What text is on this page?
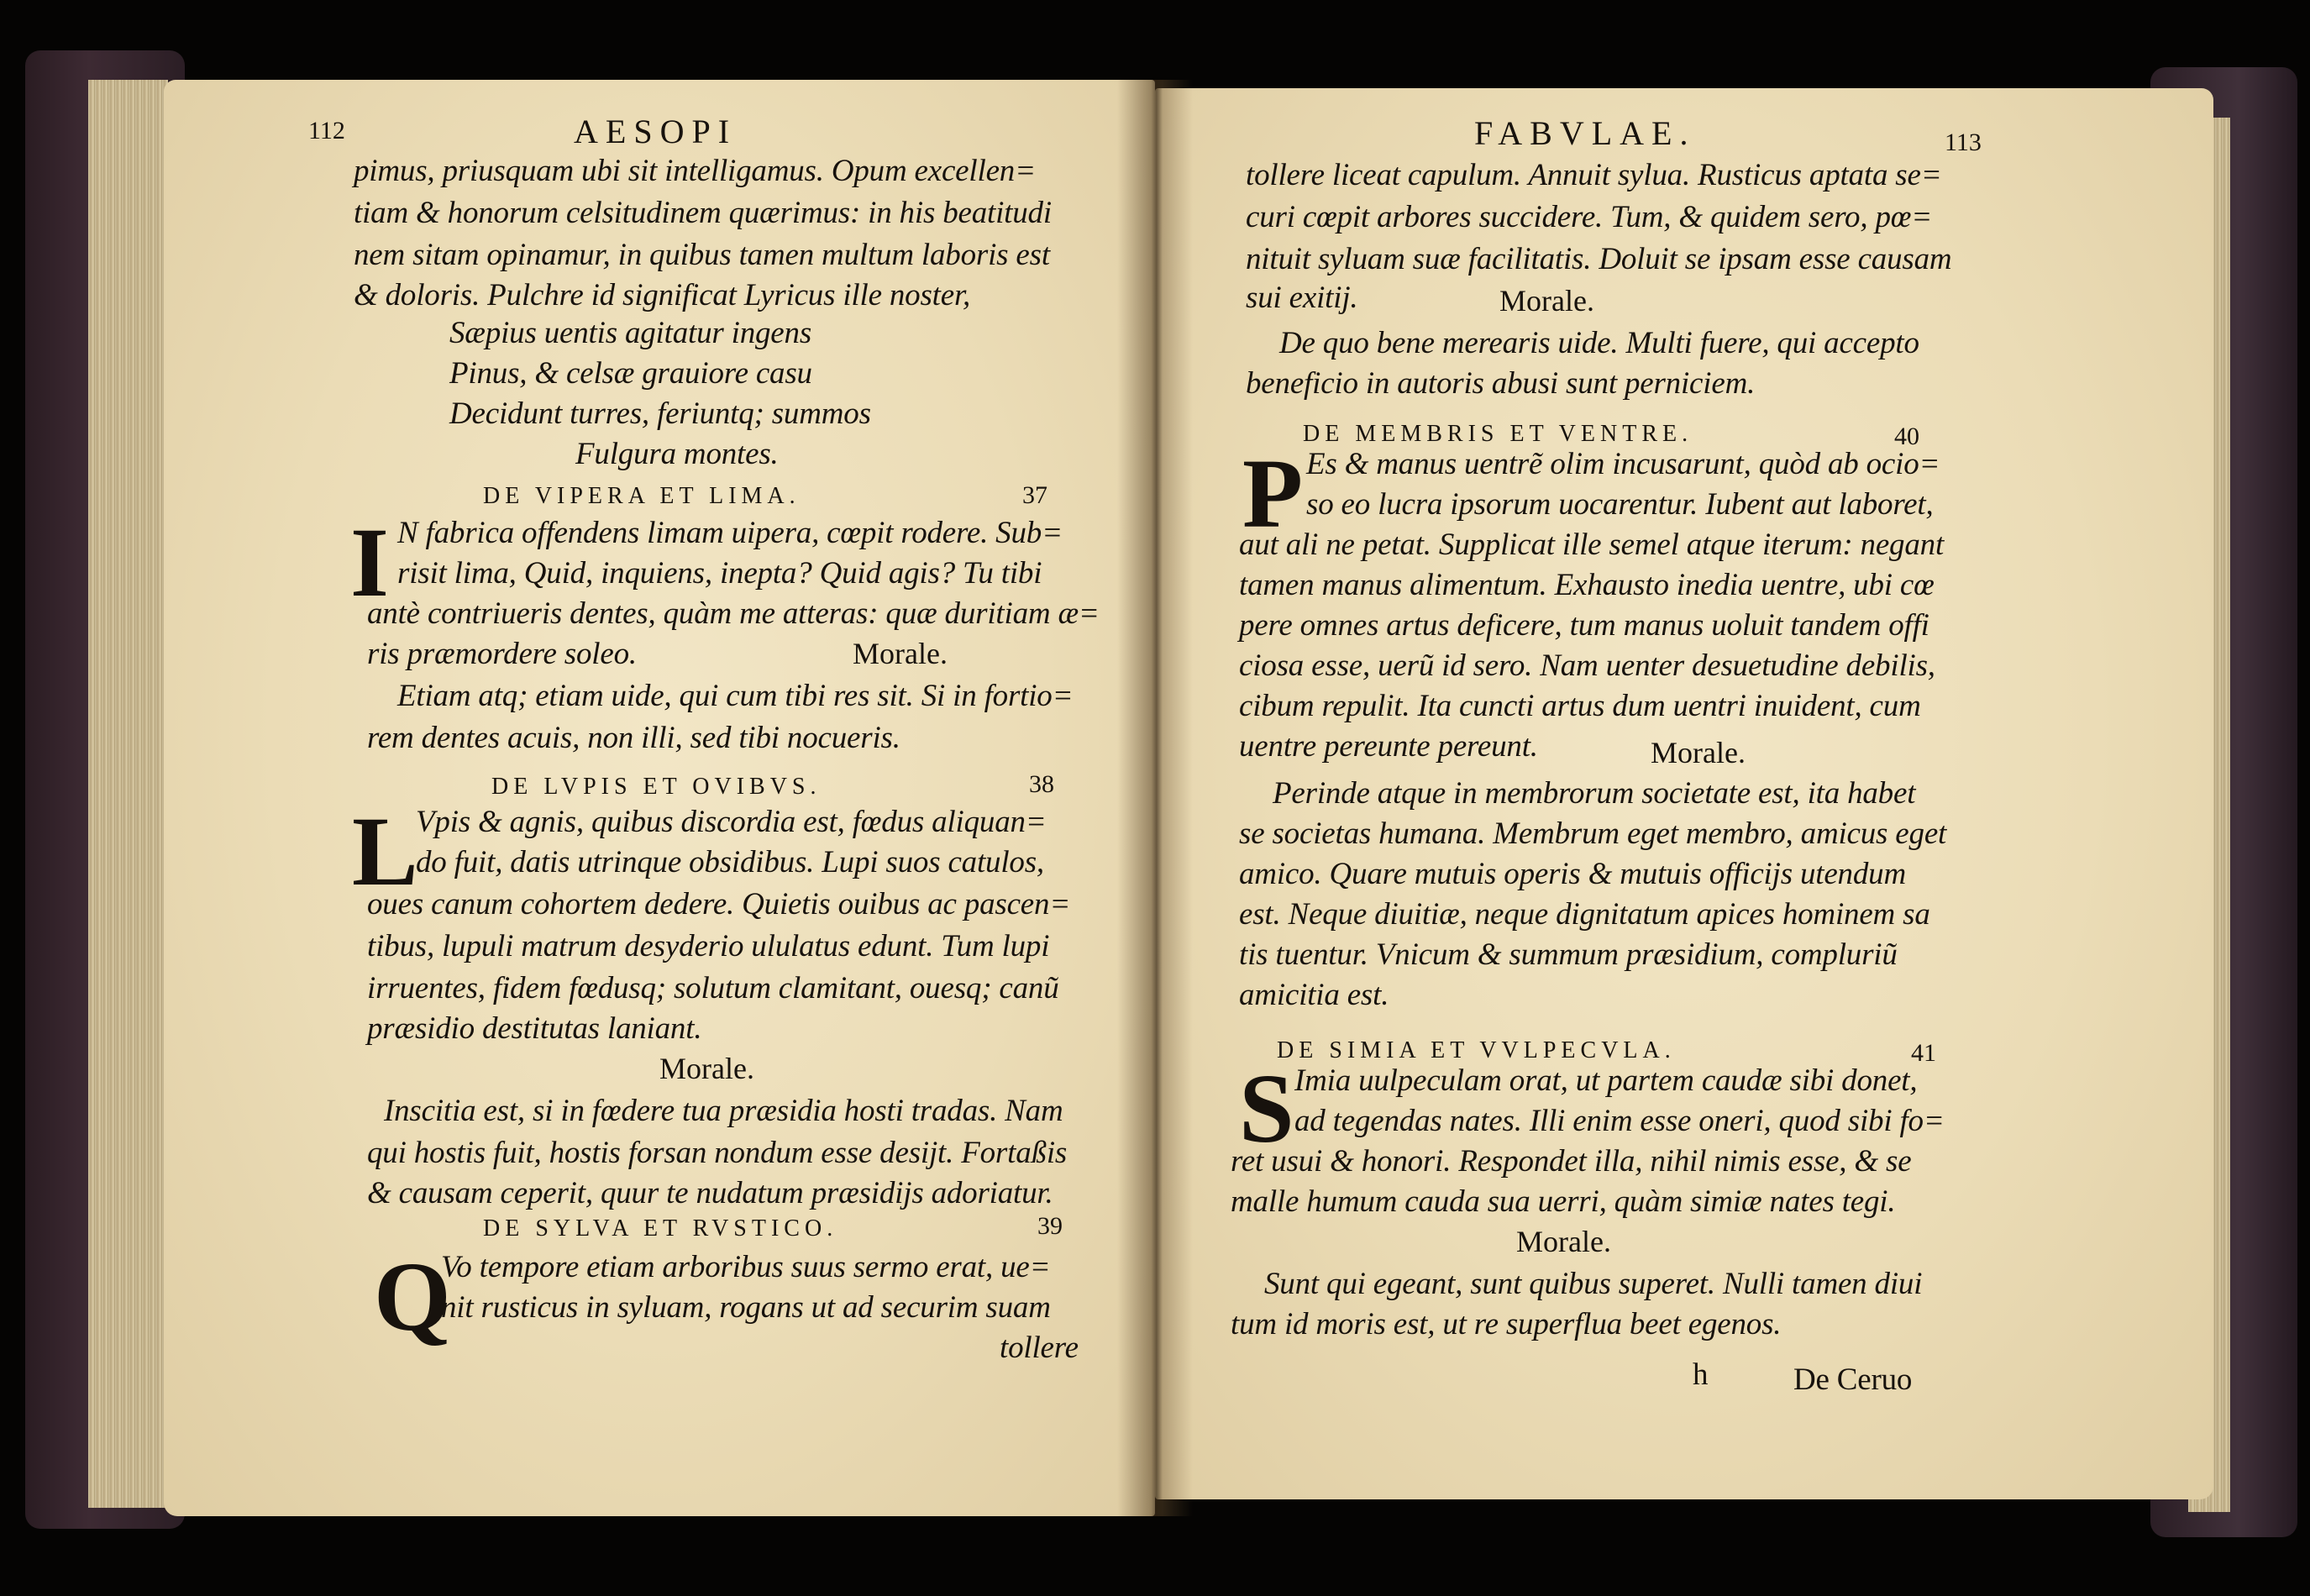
112	AESOPI
pimus, priusquam ubi sit intelligamus. Opum excellen=
tiam & honorum celsitudinem quærimus: in his beatitudi
nem sitam opinamur, in quibus tamen multum laboris est
& doloris. Pulchre id significat Lyricus ille noster,
Sæpius uentis agitatur ingens
Pinus, & celsæ grauiore casu
Decidunt turres, feriuntq; summos
Fulgura montes.
DE VIPERA ET LIMA.	37
I N fabrica offendens limam uipera, cœpit rodere. Sub=
risit lima, Quid, inquiens, inepta? Quid agis? Tu tibi
antè contriueris dentes, quàm me atteras: quæ duritiam æ=
ris præmordere soleo.	Morale.
Etiam atq; etiam uide, qui cum tibi res sit. Si in fortio=
rem dentes acuis, non illi, sed tibi nocueris.
DE LVPIS ET OVIBVS.	38
L
Vpis & agnis, quibus discordia est, fœdus aliquan=
do fuit, datis utrinque obsidibus. Lupi suos catulos,
oues canum cohortem dedere. Quietis ouibus ac pascen=
tibus, lupuli matrum desyderio ululatus edunt. Tum lupi
irruentes, fidem fœdusq; solutum clamitant, ouesq; canũ
præsidio destitutas laniant.
Morale.
Inscitia est, si in fœdere tua præsidia hosti tradas. Nam
qui hostis fuit, hostis forsan nondum esse desijt. Fortaßis
& causam ceperit, quur te nudatum præsidijs adoriatur.
DE SYLVA ET RVSTICO.	39
Q
Vo tempore etiam arboribus suus sermo erat, ue=
nit rusticus in syluam, rogans ut ad securim suam
tollere
FABVLAE.	113
tollere liceat capulum. Annuit sylua. Rusticus aptata se=
curi cœpit arbores succidere. Tum, & quidem sero, pœ=
nituit syluam suæ facilitatis. Doluit se ipsam esse causam
sui exitij.	Morale.
De quo bene merearis uide. Multi fuere, qui accepto
beneficio in autoris abusi sunt perniciem.
DE MEMBRIS ET VENTRE.	40
P Es & manus uentrẽ olim incusarunt, quòd ab ocio=
so eo lucra ipsorum uocarentur. Iubent aut laboret,
aut ali ne petat. Supplicat ille semel atque iterum: negant
tamen manus alimentum. Exhausto inedia uentre, ubi cœ
pere omnes artus deficere, tum manus uoluit tandem offi
ciosa esse, uerũ id sero. Nam uenter desuetudine debilis,
cibum repulit. Ita cuncti artus dum uentri inuident, cum
uentre pereunte pereunt.	Morale.
Perinde atque in membrorum societate est, ita habet
se societas humana. Membrum eget membro, amicus eget
amico. Quare mutuis operis & mutuis officijs utendum
est. Neque diuitiæ, neque dignitatum apices hominem sa
tis tuentur. Vnicum & summum præsidium, compluriũ
amicitia est.
DE SIMIA ET VVLPECVLA.	41
S Imia uulpeculam orat, ut partem caudæ sibi donet,
ad tegendas nates. Illi enim esse oneri, quod sibi fo=
ret usui & honori. Respondet illa, nihil nimis esse, & se
malle humum cauda sua uerri, quàm simiæ nates tegi.
Morale.
Sunt qui egeant, sunt quibus superet. Nulli tamen diui
tum id moris est, ut re superflua beet egenos.
h	De Ceruo
